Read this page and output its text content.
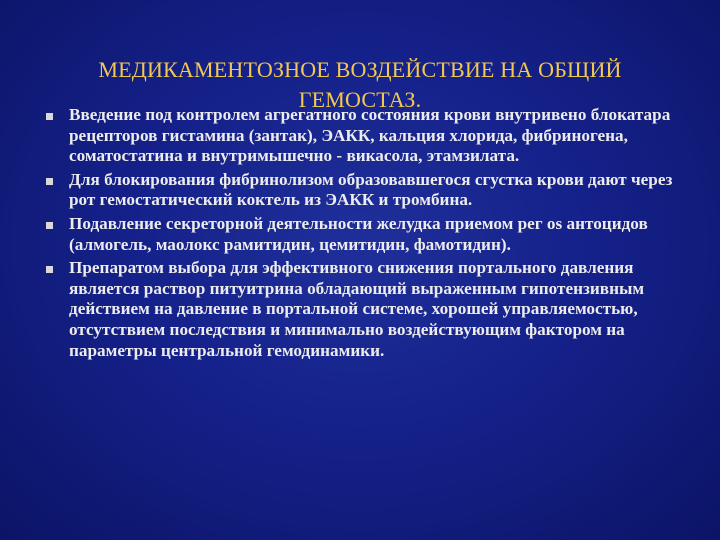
МЕДИКАМЕНТОЗНОЕ ВОЗДЕЙСТВИЕ НА ОБЩИЙ
ГЕМОСТАЗ.
Введение под контролем агрегатного состояния крови внутривено блокатара рецепторов гистамина (зантак), ЭАКК, кальция хлорида, фибриногена, соматостатина и внутримышечно - викасола, этамзилата.
Для блокирования фибринолизом образовавшегося сгустка крови дают через рот гемостатический коктель из ЭАКК и тромбина.
Подавление секреторной деятельности желудка приемом рег os антоцидов (алмогель, маолокс рамитидин, цемитидин, фамотидин).
Препаратом выбора для эффективного снижения портального давления является раствор питуитрина обладающий выраженным гипотензивным действием на давление в портальной системе, хорошей управляемостью, отсутствием последствия и минимально воздействующим фактором на параметры центральной гемодинамики.
